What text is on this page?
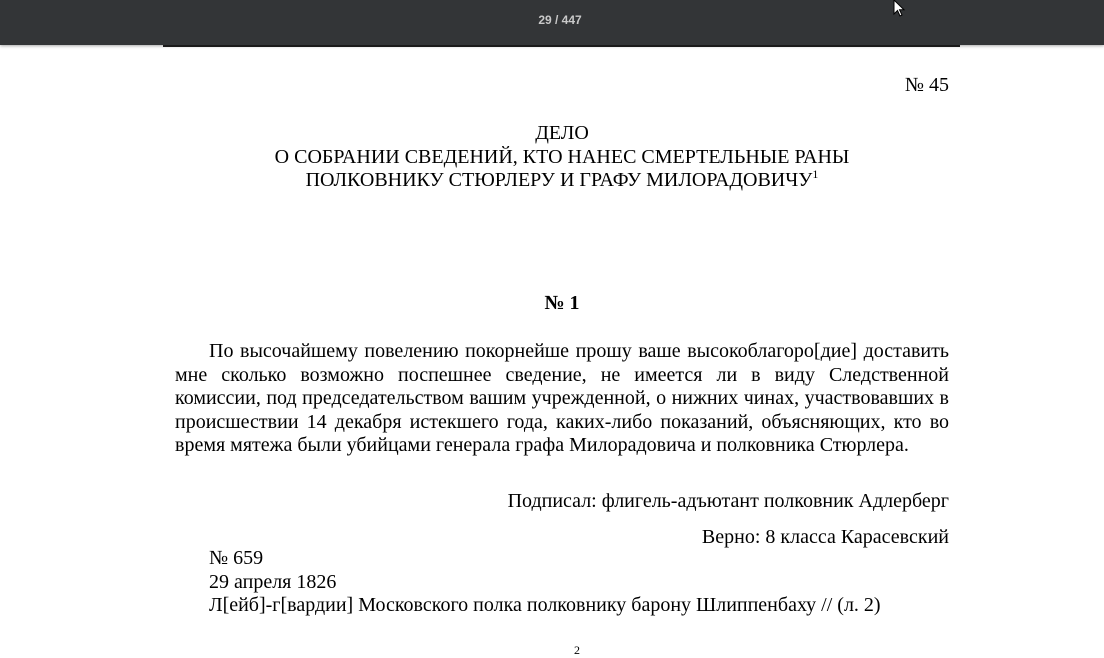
29 / 447
№ 45
ДЕЛО
О СОБРАНИИ СВЕДЕНИЙ, КТО НАНЕС СМЕРТЕЛЬНЫЕ РАНЫ
ПОЛКОВНИКУ СТЮРЛЕРУ И ГРАФУ МИЛОРАДОВИЧУ$^1$
№ 1
По высочайшему повелению покорнейше прошу ваше высокоблагоро[дие] доставить мне сколько возможно поспешнее сведение, не имеется ли в виду Следственной комиссии, под председательством вашим учрежденной, о нижних чинах, участвовавших в происшествии 14 декабря истекшего года, каких-либо показаний, объясняющих, кто во время мятежа были убийцами генерала графа Милорадовича и полковника Стюрлера.
Подписал: флигель-адъютант полковник Адлерберг
Верно: 8 класса Карасевский
№ 659
29 апреля 1826
Л[ейб]-г[вардии] Московского полка полковнику барону Шлиппенбаху // (л. 2)
2
